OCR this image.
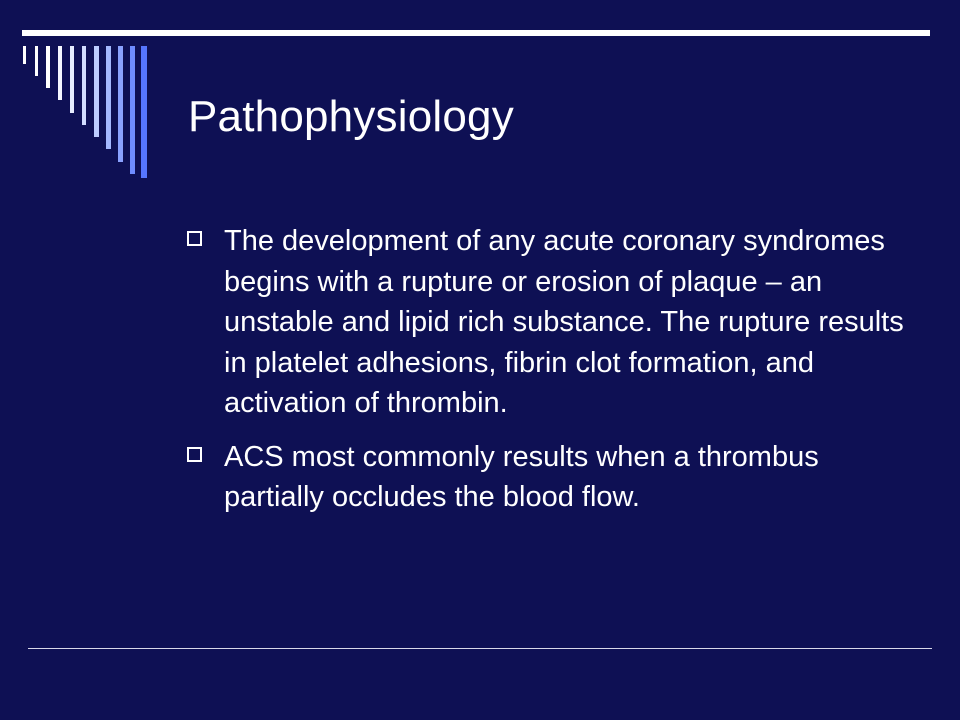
Pathophysiology
The development of any acute coronary syndromes begins with a rupture or erosion of plaque – an unstable and lipid rich substance. The rupture results in platelet adhesions, fibrin clot formation, and activation of thrombin.
ACS most commonly results when a thrombus partially occludes the blood flow.
